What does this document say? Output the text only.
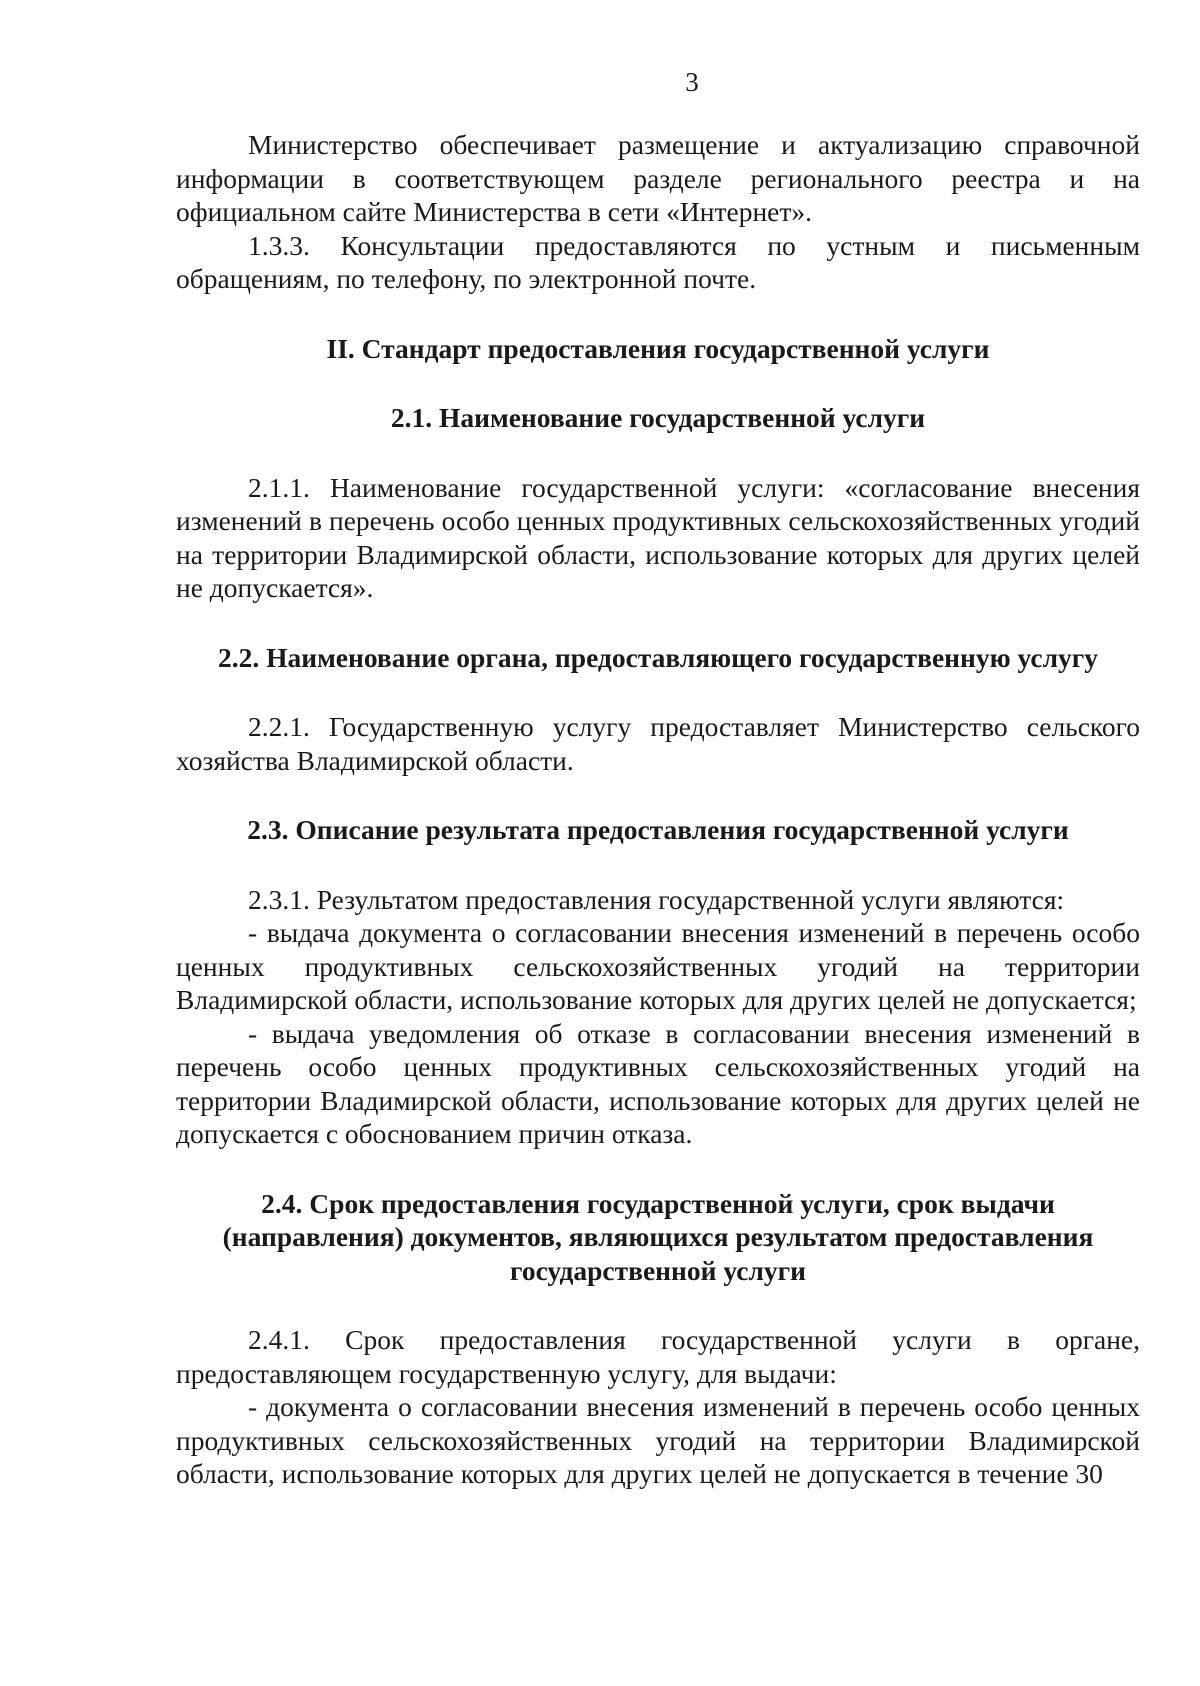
3

Министерство обеспечивает размещение и актуализацию справочной информации в соответствующем разделе регионального реестра и на официальном сайте Министерства в сети «Интернет».

1.3.3. Консультации предоставляются по устным и письменным обращениям, по телефону, по электронной почте.

II. Стандарт предоставления государственной услуги
2.1. Наименование государственной услуги

2.1.1. Наименование государственной услуги: «согласование внесения изменений в перечень особо ценных продуктивных сельскохозяйственных угодий на территории Владимирской области, использование которых для других целей не допускается».

2.2. Наименование органа, предоставляющего государственную услугу

2.2.1. Государственную услугу предоставляет Министерство сельского хозяйства Владимирской области.

2.3. Описание результата предоставления государственной услуги

2.3.1. Результатом предоставления государственной услуги являются:

- выдача документа о согласовании внесения изменений в перечень особо ценных продуктивных сельскохозяйственных угодий на территории Владимирской области, использование которых для других целей не допускается;

- выдача уведомления об отказе в согласовании внесения изменений в перечень особо ценных продуктивных сельскохозяйственных угодий на территории Владимирской области, использование которых для других целей не допускается с обоснованием причин отказа.

2.4. Срок предоставления государственной услуги, срок выдачи
(направления) документов, являющихся результатом предоставления
государственной услуги

2.4.1. Срок предоставления государственной услуги в органе, предоставляющем государственную услугу, для выдачи:

- документа о согласовании внесения изменений в перечень особо ценных продуктивных сельскохозяйственных угодий на территории Владимирской области, использование которых для других целей не допускается в течение 30
